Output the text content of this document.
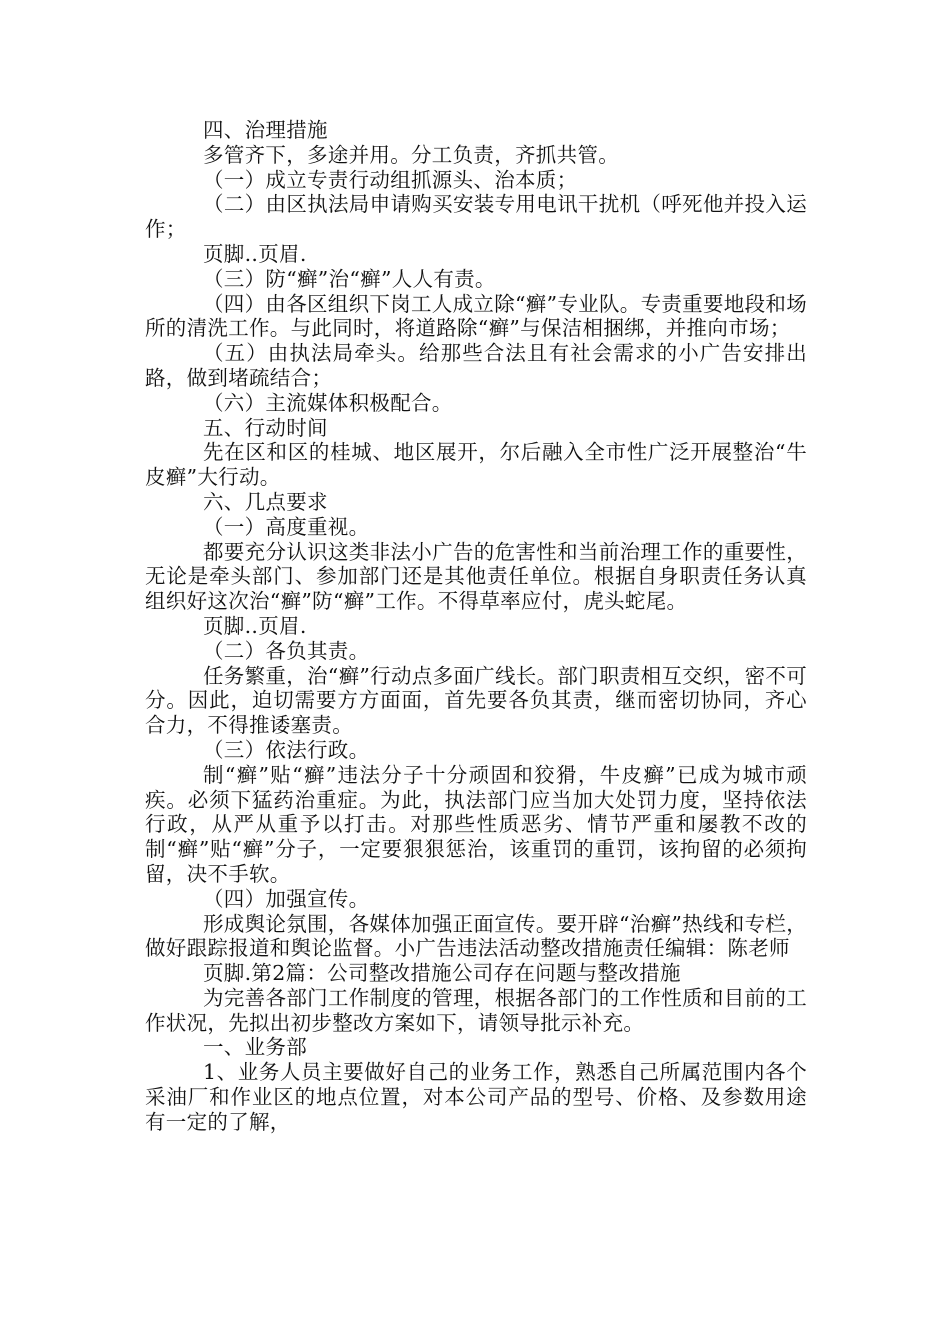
四、治理措施

多管齐下，多途并用。分工负责，齐抓共管。

（一）成立专责行动组抓源头、治本质；

（二）由区执法局申请购买安装专用电讯干扰机（呼死他并投入运作；

页脚..页眉.

（三）防“癣”治“癣”人人有责。

（四）由各区组织下岗工人成立除“癣”专业队。专责重要地段和场所的清洗工作。与此同时，将道路除“癣”与保洁相捆绑，并推向市场；

（五）由执法局牵头。给那些合法且有社会需求的小广告安排出路，做到堵疏结合；

（六）主流媒体积极配合。

五、行动时间

先在区和区的桂城、地区展开，尔后融入全市性广泛开展整治“牛皮癣”大行动。

六、几点要求

（一）高度重视。

都要充分认识这类非法小广告的危害性和当前治理工作的重要性，无论是牵头部门、参加部门还是其他责任单位。根据自身职责任务认真组织好这次治“癣”防“癣”工作。不得草率应付，虎头蛇尾。

页脚..页眉.

（二）各负其责。

任务繁重，治“癣”行动点多面广线长。部门职责相互交织，密不可分。因此，迫切需要方方面面，首先要各负其责，继而密切协同，齐心合力，不得推诿塞责。

（三）依法行政。

制“癣”贴“癣”违法分子十分顽固和狡猾，牛皮癣”已成为城市顽疾。必须下猛药治重症。为此，执法部门应当加大处罚力度，坚持依法行政，从严从重予以打击。对那些性质恶劣、情节严重和屡教不改的制“癣”贴“癣”分子，一定要狠狠惩治，该重罚的重罚，该拘留的必须拘留，决不手软。

（四）加强宣传。

形成舆论氛围，各媒体加强正面宣传。要开辟“治癣”热线和专栏，做好跟踪报道和舆论监督。小广告违法活动整改措施责任编辑：陈老师

页脚.第2篇：公司整改措施公司存在问题与整改措施

为完善各部门工作制度的管理，根据各部门的工作性质和目前的工作状况，先拟出初步整改方案如下，请领导批示补充。

一、业务部

1、业务人员主要做好自己的业务工作，熟悉自己所属范围内各个采油厂和作业区的地点位置，对本公司产品的型号、价格、及参数用途有一定的了解，
